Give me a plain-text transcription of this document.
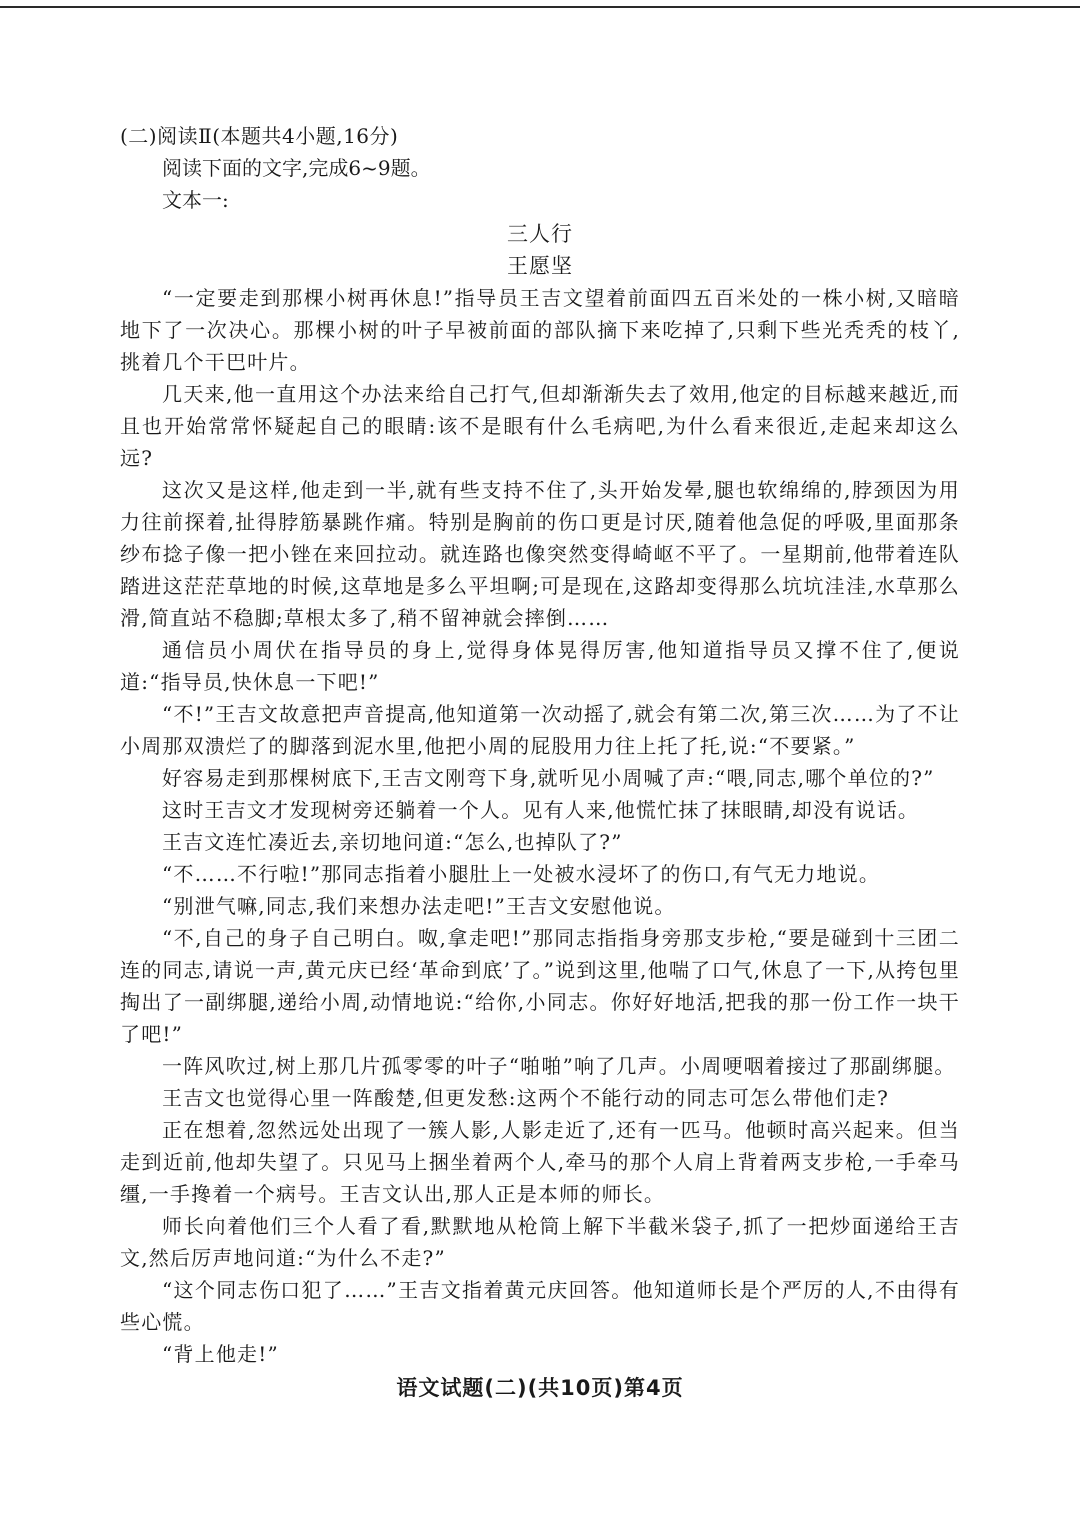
(二)阅读Ⅱ(本题共4小题,16分)

阅读下面的文字,完成6~9题。

文本一:

三人行

王愿坚

“一定要走到那棵小树再休息!”指导员王吉文望着前面四五百米处的一株小树,又暗暗地下了一次决心。那棵小树的叶子早被前面的部队摘下来吃掉了,只剩下些光秃秃的枝丫,挑着几个干巴叶片。

几天来,他一直用这个办法来给自己打气,但却渐渐失去了效用,他定的目标越来越近,而且也开始常常怀疑起自己的眼睛:该不是眼有什么毛病吧,为什么看来很近,走起来却这么远?

这次又是这样,他走到一半,就有些支持不住了,头开始发晕,腿也软绵绵的,脖颈因为用力往前探着,扯得脖筋暴跳作痛。特别是胸前的伤口更是讨厌,随着他急促的呼吸,里面那条纱布捻子像一把小锉在来回拉动。就连路也像突然变得崎岖不平了。一星期前,他带着连队踏进这茫茫草地的时候,这草地是多么平坦啊;可是现在,这路却变得那么坑坑洼洼,水草那么滑,简直站不稳脚;草根太多了,稍不留神就会摔倒……

通信员小周伏在指导员的身上,觉得身体晃得厉害,他知道指导员又撑不住了,便说道:“指导员,快休息一下吧!”

“不!”王吉文故意把声音提高,他知道第一次动摇了,就会有第二次,第三次……为了不让小周那双溃烂了的脚落到泥水里,他把小周的屁股用力往上托了托,说:“不要紧。”

好容易走到那棵树底下,王吉文刚弯下身,就听见小周喊了声:“喂,同志,哪个单位的?”

这时王吉文才发现树旁还躺着一个人。见有人来,他慌忙抹了抹眼睛,却没有说话。

王吉文连忙凑近去,亲切地问道:“怎么,也掉队了?”

“不……不行啦!”那同志指着小腿肚上一处被水浸坏了的伤口,有气无力地说。

“别泄气嘛,同志,我们来想办法走吧!”王吉文安慰他说。

“不,自己的身子自己明白。呶,拿走吧!”那同志指指身旁那支步枪,“要是碰到十三团二连的同志,请说一声,黄元庆已经‘革命到底’了。”说到这里,他喘了口气,休息了一下,从挎包里掏出了一副绑腿,递给小周,动情地说:“给你,小同志。你好好地活,把我的那一份工作一块干了吧!”

一阵风吹过,树上那几片孤零零的叶子“啪啪”响了几声。小周哽咽着接过了那副绑腿。

王吉文也觉得心里一阵酸楚,但更发愁:这两个不能行动的同志可怎么带他们走?

正在想着,忽然远处出现了一簇人影,人影走近了,还有一匹马。他顿时高兴起来。但当走到近前,他却失望了。只见马上捆坐着两个人,牵马的那个人肩上背着两支步枪,一手牵马缰,一手搀着一个病号。王吉文认出,那人正是本师的师长。

师长向着他们三个人看了看,默默地从枪筒上解下半截米袋子,抓了一把炒面递给王吉文,然后厉声地问道:“为什么不走?”

“这个同志伤口犯了……”王吉文指着黄元庆回答。他知道师长是个严厉的人,不由得有些心慌。

“背上他走!”

语文试题(二)(共10页)第4页
